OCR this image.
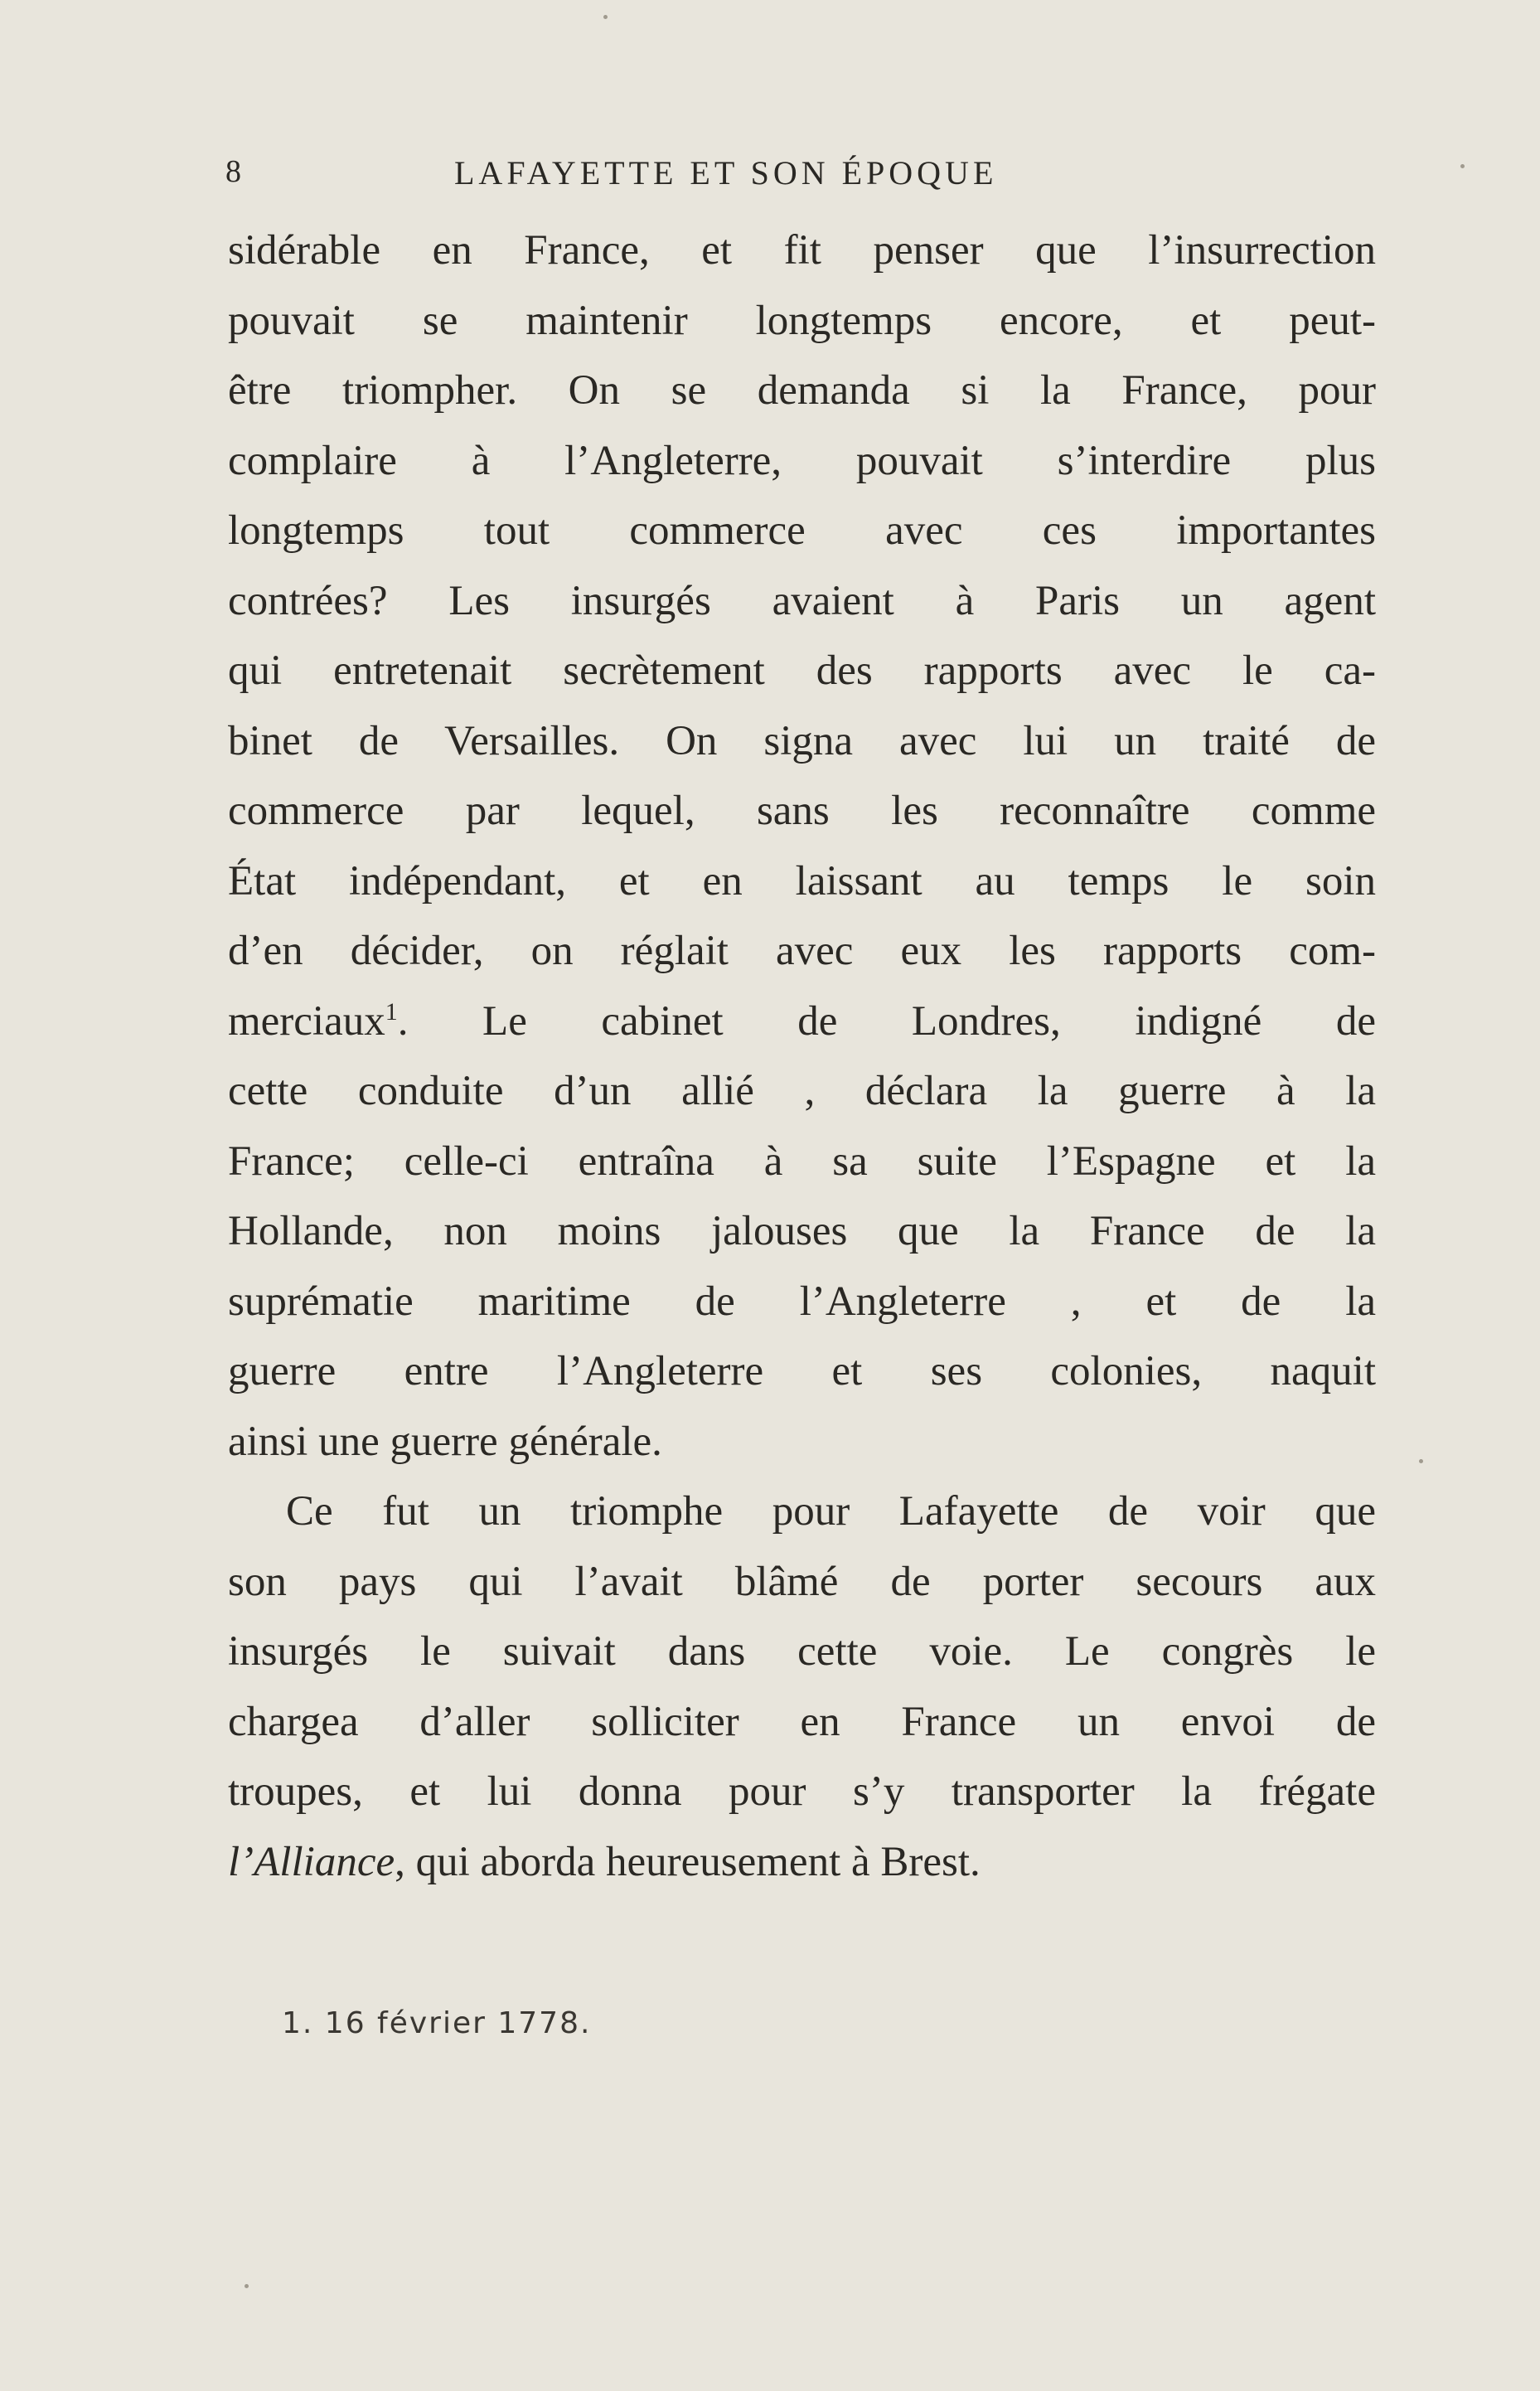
8	LAFAYETTE ET SON ÉPOQUE
sidérable en France, et fit penser que l’insurrection
pouvait se maintenir longtemps encore, et peut-
être triompher. On se demanda si la France, pour
complaire à l’Angleterre, pouvait s’interdire plus
longtemps tout commerce avec ces importantes
contrées? Les insurgés avaient à Paris un agent
qui entretenait secrètement des rapports avec le ca-
binet de Versailles. On signa avec lui un traité de
commerce par lequel, sans les reconnaître comme
État indépendant, et en laissant au temps le soin
d’en décider, on réglait avec eux les rapports com-
merciaux$^1$. Le cabinet de Londres, indigné de
cette conduite d’un allié , déclara la guerre à la
France; celle-ci entraîna à sa suite l’Espagne et la
Hollande, non moins jalouses que la France de la
suprématie maritime de l’Angleterre , et de la
guerre entre l’Angleterre et ses colonies, naquit
ainsi une guerre générale.
Ce fut un triomphe pour Lafayette de voir que
son pays qui l’avait blâmé de porter secours aux
insurgés le suivait dans cette voie. Le congrès le
chargea d’aller solliciter en France un envoi de
troupes, et lui donna pour s’y transporter la frégate
l’Alliance, qui aborda heureusement à Brest.
1. 16 février 1778.
